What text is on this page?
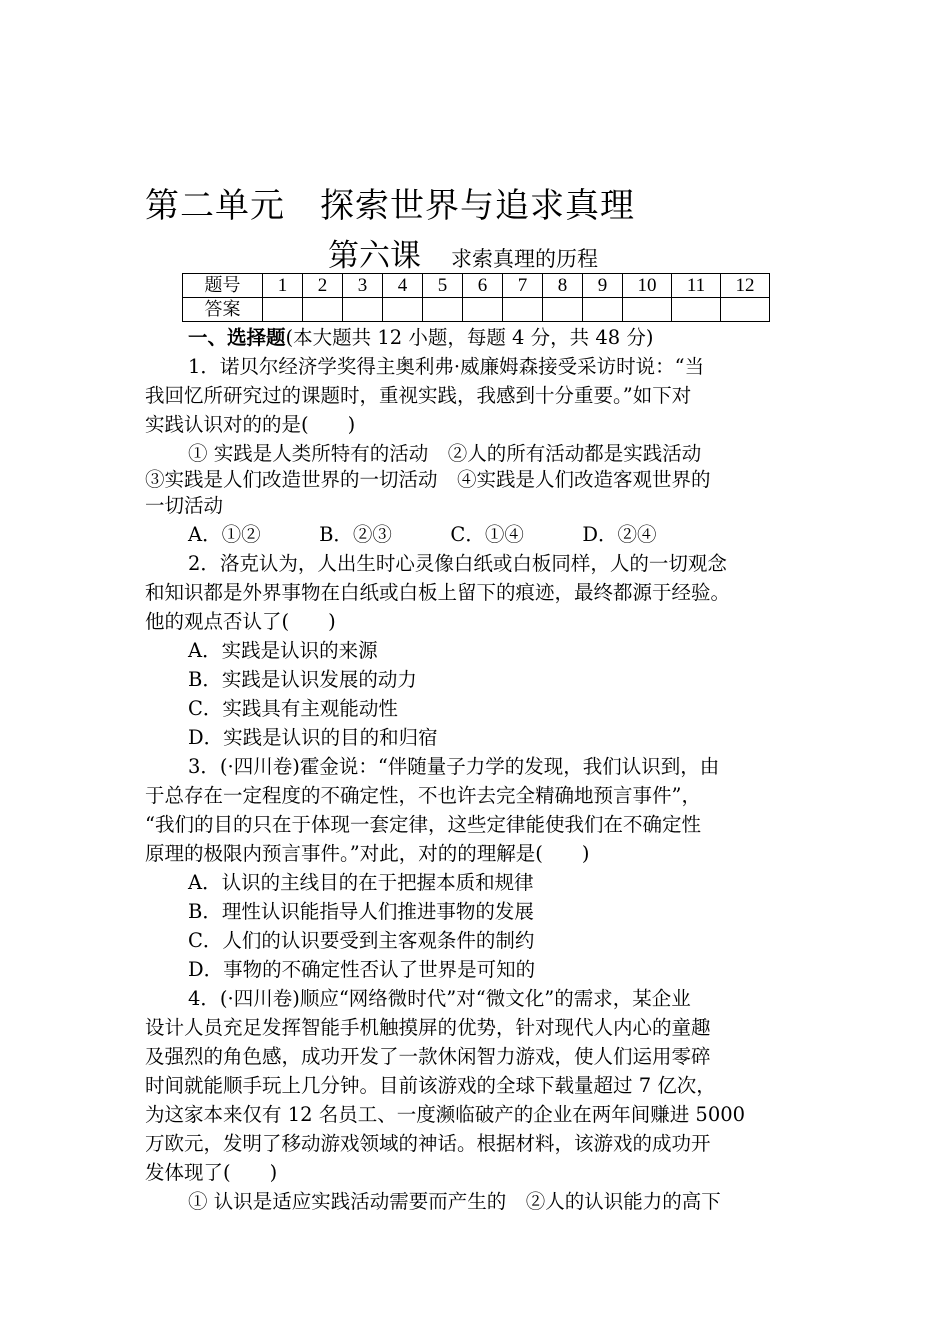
第二单元　探索世界与追求真理
第六课 求索真理的历程
题号	1	2	3	4	5	6	7	8	9	10	11	12
答案												
一、选择题(本大题共 12 小题，每题 4 分，共 48 分)
1．诺贝尔经济学奖得主奥利弗·威廉姆森接受采访时说：“当
我回忆所研究过的课题时，重视实践，我感到十分重要。”如下对
实践认识对的的是(　　)
① 实践是人类所特有的活动　②人的所有活动都是实践活动
③实践是人们改造世界的一切活动　④实践是人们改造客观世界的
一切活动
A．①②　　　B．②③　　　C．①④　　　D．②④
2．洛克认为，人出生时心灵像白纸或白板同样，人的一切观念
和知识都是外界事物在白纸或白板上留下的痕迹，最终都源于经验。
他的观点否认了(　　)
A．实践是认识的来源
B．实践是认识发展的动力
C．实践具有主观能动性
D．实践是认识的目的和归宿
3．(·四川卷)霍金说：“伴随量子力学的发现，我们认识到，由
于总存在一定程度的不确定性，不也许去完全精确地预言事件”，
“我们的目的只在于体现一套定律，这些定律能使我们在不确定性
原理的极限内预言事件。”对此，对的的理解是(　　)
A．认识的主线目的在于把握本质和规律
B．理性认识能指导人们推进事物的发展
C．人们的认识要受到主客观条件的制约
D．事物的不确定性否认了世界是可知的
4．(·四川卷)顺应“网络微时代”对“微文化”的需求，某企业
设计人员充足发挥智能手机触摸屏的优势，针对现代人内心的童趣
及强烈的角色感，成功开发了一款休闲智力游戏，使人们运用零碎
时间就能顺手玩上几分钟。目前该游戏的全球下载量超过 7 亿次，
为这家本来仅有 12 名员工、一度濒临破产的企业在两年间赚进 5000
万欧元，发明了移动游戏领域的神话。根据材料，该游戏的成功开
发体现了(　　)
① 认识是适应实践活动需要而产生的　②人的认识能力的高下
